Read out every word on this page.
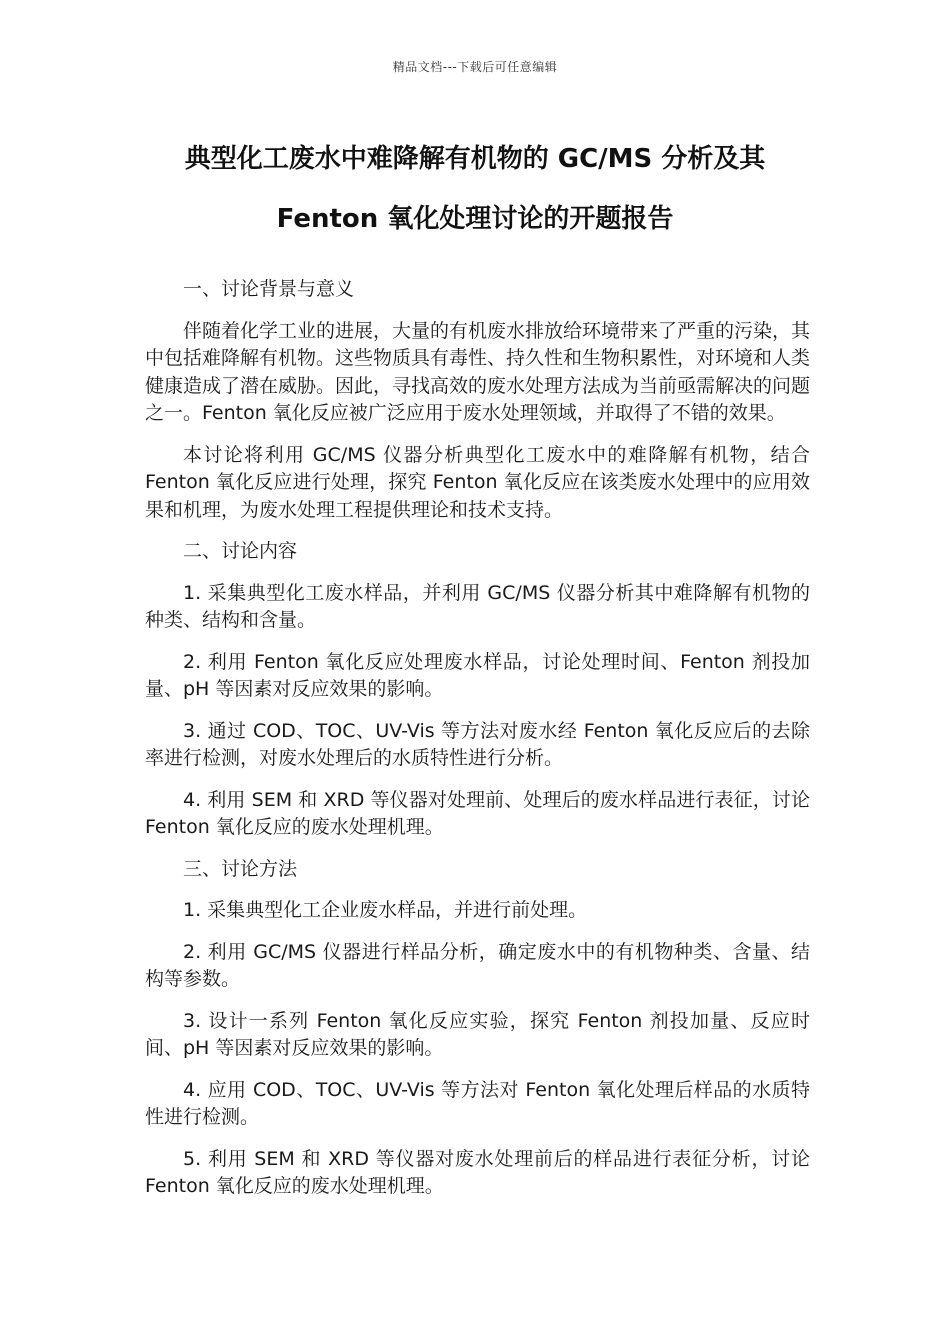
精品文档---下载后可任意编辑
典型化工废水中难降解有机物的 GC/MS 分析及其
Fenton 氧化处理讨论的开题报告

一、讨论背景与意义

伴随着化学工业的进展，大量的有机废水排放给环境带来了严重的污染，其中包括难降解有机物。这些物质具有毒性、持久性和生物积累性，对环境和人类健康造成了潜在威胁。因此，寻找高效的废水处理方法成为当前亟需解决的问题之一。Fenton 氧化反应被广泛应用于废水处理领域，并取得了不错的效果。

本讨论将利用 GC/MS 仪器分析典型化工废水中的难降解有机物，结合 Fenton 氧化反应进行处理，探究 Fenton 氧化反应在该类废水处理中的应用效果和机理，为废水处理工程提供理论和技术支持。

二、讨论内容

1. 采集典型化工废水样品，并利用 GC/MS 仪器分析其中难降解有机物的种类、结构和含量。

2. 利用 Fenton 氧化反应处理废水样品，讨论处理时间、Fenton 剂投加量、pH 等因素对反应效果的影响。

3. 通过 COD、TOC、UV-Vis 等方法对废水经 Fenton 氧化反应后的去除率进行检测，对废水处理后的水质特性进行分析。

4. 利用 SEM 和 XRD 等仪器对处理前、处理后的废水样品进行表征，讨论 Fenton 氧化反应的废水处理机理。

三、讨论方法

1. 采集典型化工企业废水样品，并进行前处理。

2. 利用 GC/MS 仪器进行样品分析，确定废水中的有机物种类、含量、结构等参数。

3. 设计一系列 Fenton 氧化反应实验，探究 Fenton 剂投加量、反应时间、pH 等因素对反应效果的影响。

4. 应用 COD、TOC、UV-Vis 等方法对 Fenton 氧化处理后样品的水质特性进行检测。

5. 利用 SEM 和 XRD 等仪器对废水处理前后的样品进行表征分析，讨论 Fenton 氧化反应的废水处理机理。
